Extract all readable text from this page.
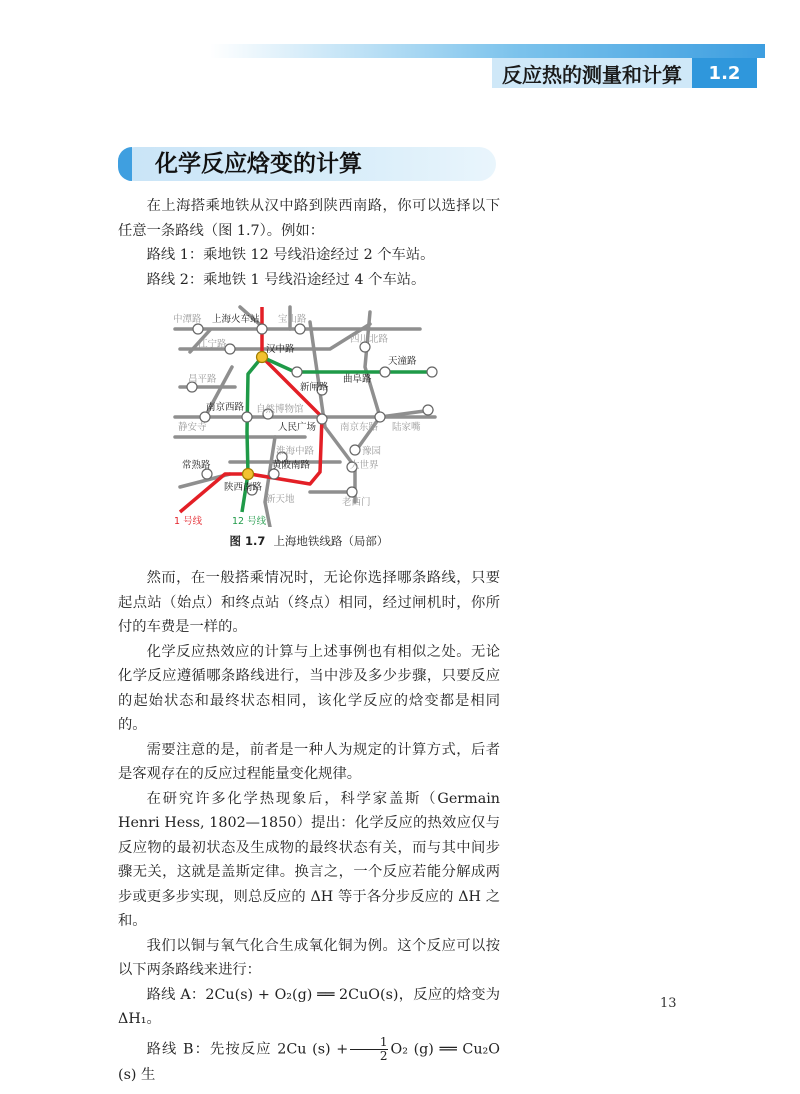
反应热的测量和计算	1.2
化学反应焓变的计算

在上海搭乘地铁从汉中路到陕西南路，你可以选择以下任意一条路线（图 1.7）。例如：

路线 1：乘地铁 12 号线沿途经过 2 个车站。

路线 2：乘地铁 1 号线沿途经过 4 个车站。

中潭路 上海火车站 宝山路
四川北路
江宁路	汉中路
天潼路
昌平路
新闸路
曲阜路
南京西路 自然博物馆
静安寺	人民广场	南京东路 陆家嘴
淮海中路	豫园
常熟路	黄陂南路	大世界
陕西南路
新天地	老西门
1 号线	12 号线
图 1.7 上海地铁线路（局部）

然而，在一般搭乘情况时，无论你选择哪条路线，只要起点站（始点）和终点站（终点）相同，经过闸机时，你所付的车费是一样的。

化学反应热效应的计算与上述事例也有相似之处。无论化学反应遵循哪条路线进行，当中涉及多少步骤，只要反应的起始状态和最终状态相同，该化学反应的焓变都是相同的。

需要注意的是，前者是一种人为规定的计算方式，后者是客观存在的反应过程能量变化规律。

在研究许多化学热现象后，科学家盖斯（Germain Henri Hess, 1802—1850）提出：化学反应的热效应仅与反应物的最初状态及生成物的最终状态有关，而与其中间步骤无关，这就是盖斯定律。换言之，一个反应若能分解成两步或更多步实现，则总反应的 ΔH 等于各分步反应的 ΔH 之和。

我们以铜与氧气化合生成氧化铜为例。这个反应可以按以下两条路线来进行：

路线 A：2Cu(s) + O₂(g) ══ 2CuO(s)，反应的焓变为 ΔH₁。

路线 B：先按反应 2Cu $(s) + \frac{1}{2} O_2$ (g) ══ Cu₂O (s) 生

13
